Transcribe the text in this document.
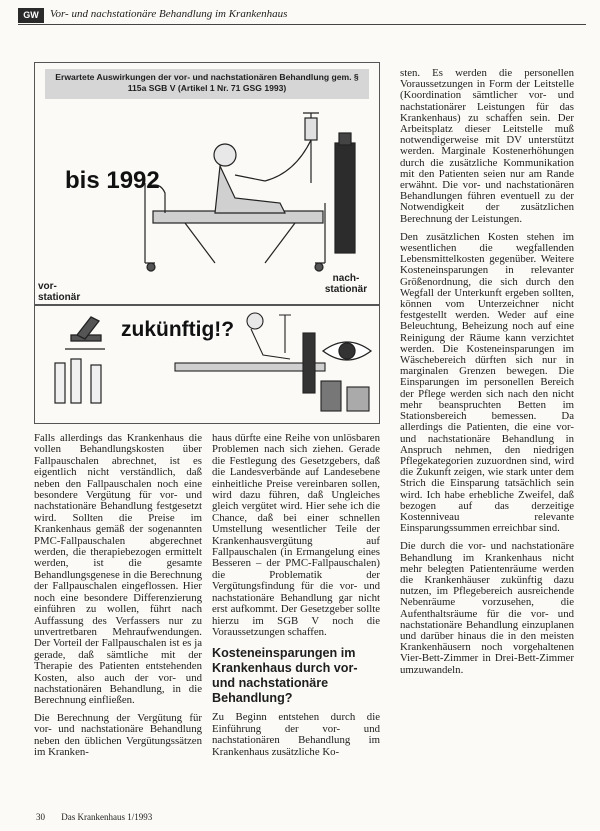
GW	Vor- und nachstationäre Behandlung im Krankenhaus
Erwartete Auswirkungen der vor- und nachstationären Behandlung gem. § 115a SGB V (Artikel 1 Nr. 71 GSG 1993)
bis 1992
vor-
stationär
nach-
stationär
zukünftig!?

Falls allerdings das Krankenhaus die vollen Behandlungskosten über Fallpauschalen abrechnet, ist es eigentlich nicht verständlich, daß neben den Fallpauschalen noch eine besondere Vergütung für vor- und nachstationäre Behandlung festgesetzt wird. Sollten die Preise im Krankenhaus gemäß der sogenannten PMC-Fallpauschalen abgerechnet werden, die therapiebezogen ermittelt werden, ist die gesamte Behandlungsgenese in die Berechnung der Fallpauschalen eingeflossen. Hier noch eine besondere Differenzierung einführen zu wollen, führt nach Auffassung des Verfassers nur zu unvertretbaren Mehraufwendungen. Der Vorteil der Fallpauschalen ist es ja gerade, daß sämtliche mit der Therapie des Patienten entstehenden Kosten, also auch der vor- und nachstationären Behandlung, in die Berechnung einfließen.

Die Berechnung der Vergütung für vor- und nachstationäre Behandlung neben den üblichen Vergütungssätzen im Kranken-

haus dürfte eine Reihe von unlösbaren Problemen nach sich ziehen. Gerade die Festlegung des Gesetzgebers, daß die Landesverbände auf Landesebene einheitliche Preise vereinbaren sollen, wird dazu führen, daß Ungleiches gleich vergütet wird. Hier sehe ich die Chance, daß bei einer schnellen Umstellung wesentlicher Teile der Krankenhausvergütung auf Fallpauschalen (in Ermangelung eines Besseren – der PMC-Fallpauschalen) die Problematik der Vergütungsfindung für die vor- und nachstationäre Behandlung gar nicht erst aufkommt. Der Gesetzgeber sollte hierzu im SGB V noch die Voraussetzungen schaffen.

Kosteneinsparungen im Krankenhaus durch vor- und nachstationäre Behandlung?

Zu Beginn entstehen durch die Einführung der vor- und nachstationären Behandlung im Krankenhaus zusätzliche Ko-

sten. Es werden die personellen Voraussetzungen in Form der Leitstelle (Koordination sämtlicher vor- und nachstationärer Leistungen für das Krankenhaus) zu schaffen sein. Der Arbeitsplatz dieser Leitstelle muß notwendigerweise mit DV unterstützt werden. Marginale Kostenerhöhungen durch die zusätzliche Kommunikation mit den Patienten seien nur am Rande erwähnt. Die vor- und nachstationären Behandlungen führen eventuell zu der Notwendigkeit der zusätzlichen Berechnung der Leistungen.

Den zusätzlichen Kosten stehen im wesentlichen die wegfallenden Lebensmittelkosten gegenüber. Weitere Kosteneinsparungen in relevanter Größenordnung, die sich durch den Wegfall der Unterkunft ergeben sollten, können vom Unterzeichner nicht festgestellt werden. Weder auf eine Beleuchtung, Beheizung noch auf eine Reinigung der Räume kann verzichtet werden. Die Kosteneinsparungen im Wäschebereich dürften sich nur in marginalen Grenzen bewegen. Die Einsparungen im personellen Bereich der Pflege werden sich nach den nicht mehr beanspruchten Betten im Stationsbereich bemessen. Da allerdings die Patienten, die eine vor- und nachstationäre Behandlung in Anspruch nehmen, den niedrigen Pflegekategorien zuzuordnen sind, wird die Zukunft zeigen, wie stark unter dem Strich die Einsparung tatsächlich sein wird. Ich habe erhebliche Zweifel, daß bezogen auf das derzeitige Kostenniveau relevante Einsparungssummen erreichbar sind.

Die durch die vor- und nachstationäre Behandlung im Krankenhaus nicht mehr belegten Patientenräume werden die Krankenhäuser zukünftig dazu nutzen, im Pflegebereich ausreichende Nebenräume vorzusehen, die Aufenthaltsräume für die vor- und nachstationäre Behandlung einzuplanen und darüber hinaus die in den meisten Krankenhäusern noch vorgehaltenen Vier-Bett-Zimmer in Drei-Bett-Zimmer umzuwandeln.

30 Das Krankenhaus 1/1993
